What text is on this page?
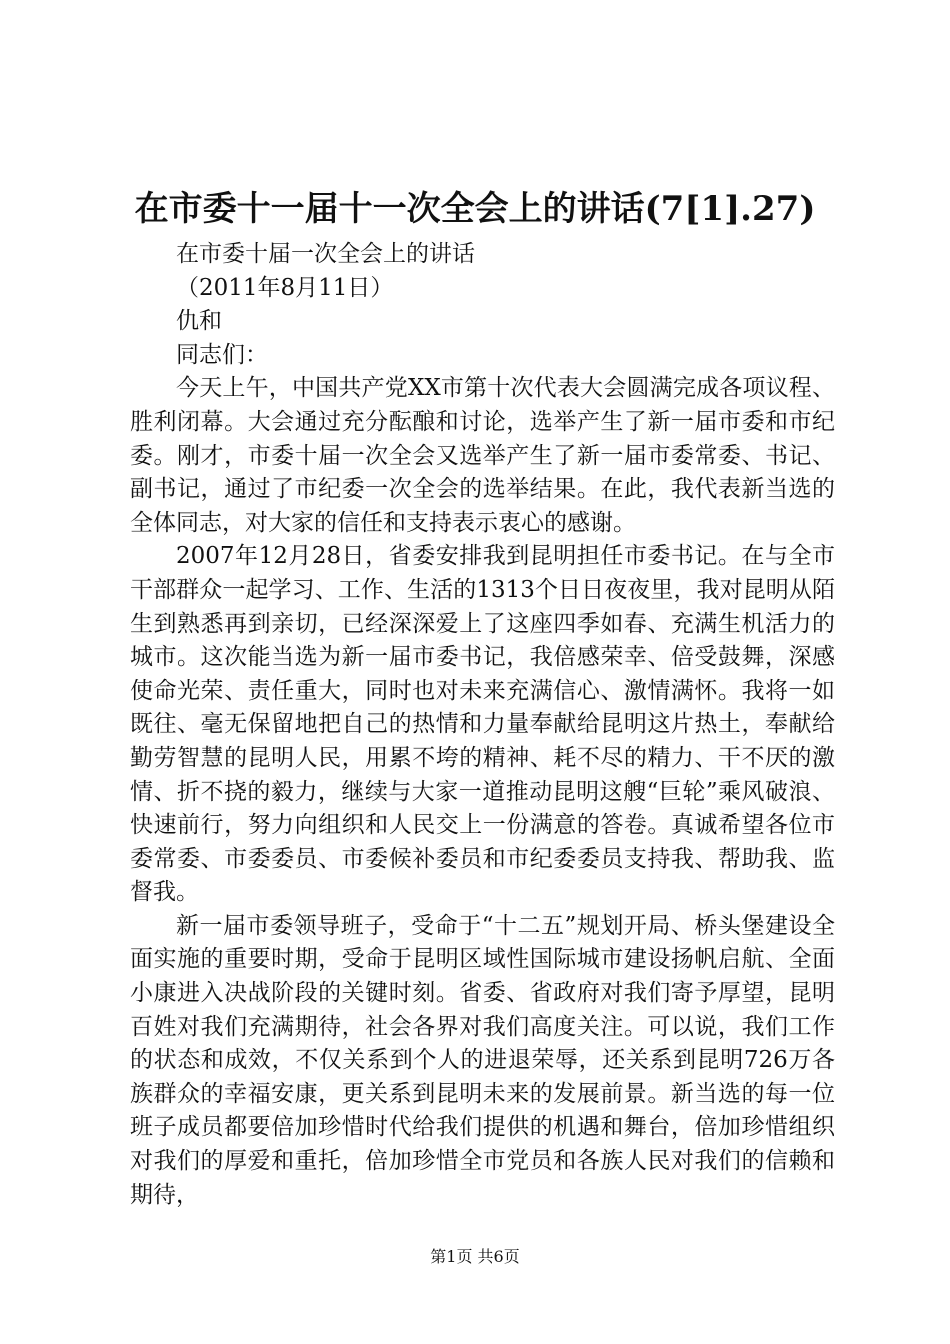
在市委十一届十一次全会上的讲话(7[1].27)

在市委十届一次全会上的讲话

（2011年8月11日）

仇和

同志们：

今天上午，中国共产党XX市第十次代表大会圆满完成各项议程、胜利闭幕。大会通过充分酝酿和讨论，选举产生了新一届市委和市纪委。刚才，市委十届一次全会又选举产生了新一届市委常委、书记、副书记，通过了市纪委一次全会的选举结果。在此，我代表新当选的全体同志，对大家的信任和支持表示衷心的感谢。

2007年12月28日，省委安排我到昆明担任市委书记。在与全市干部群众一起学习、工作、生活的1313个日日夜夜里，我对昆明从陌生到熟悉再到亲切，已经深深爱上了这座四季如春、充满生机活力的城市。这次能当选为新一届市委书记，我倍感荣幸、倍受鼓舞，深感使命光荣、责任重大，同时也对未来充满信心、激情满怀。我将一如既往、毫无保留地把自己的热情和力量奉献给昆明这片热土，奉献给勤劳智慧的昆明人民，用累不垮的精神、耗不尽的精力、干不厌的激情、折不挠的毅力，继续与大家一道推动昆明这艘“巨轮”乘风破浪、快速前行，努力向组织和人民交上一份满意的答卷。真诚希望各位市委常委、市委委员、市委候补委员和市纪委委员支持我、帮助我、监督我。

新一届市委领导班子，受命于“十二五”规划开局、桥头堡建设全面实施的重要时期，受命于昆明区域性国际城市建设扬帆启航、全面小康进入决战阶段的关键时刻。省委、省政府对我们寄予厚望，昆明百姓对我们充满期待，社会各界对我们高度关注。可以说，我们工作的状态和成效，不仅关系到个人的进退荣辱，还关系到昆明726万各族群众的幸福安康，更关系到昆明未来的发展前景。新当选的每一位班子成员都要倍加珍惜时代给我们提供的机遇和舞台，倍加珍惜组织对我们的厚爱和重托，倍加珍惜全市党员和各族人民对我们的信赖和期待，

第1页 共6页
